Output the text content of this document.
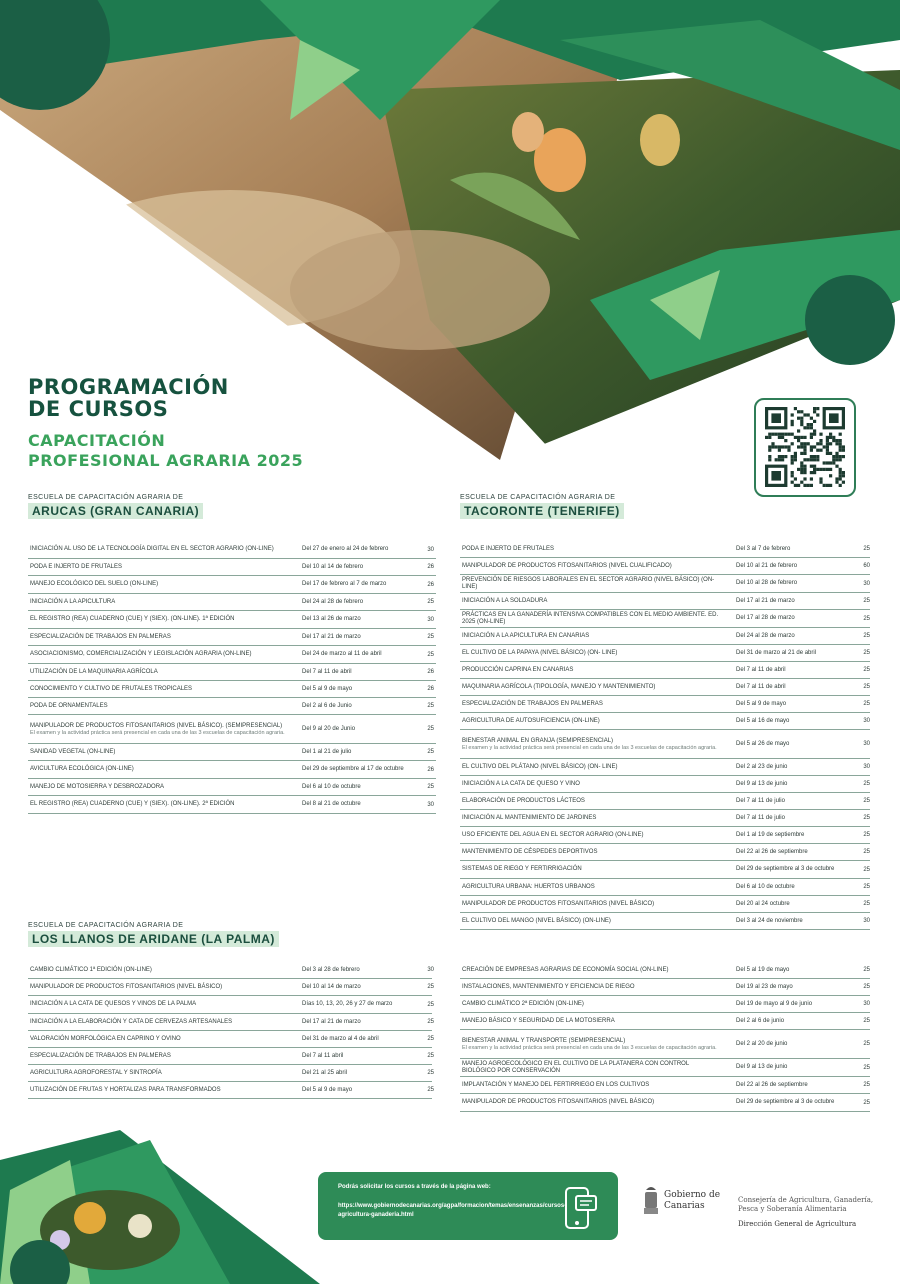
PROGRAMACIÓN
DE CURSOS
CAPACITACIÓN
PROFESIONAL AGRARIA 2025
ESCUELA DE CAPACITACIÓN AGRARIA DE
ARUCAS (GRAN CANARIA)
INICIACIÓN AL USO DE LA TECNOLOGÍA DIGITAL EN EL SECTOR AGRARIO (ON-LINE)	Del 27 de enero al 24 de febrero	30
PODA E INJERTO DE FRUTALES	Del 10 al 14 de febrero	26
MANEJO ECOLÓGICO DEL SUELO (ON-LINE)	Del 17 de febrero al 7 de marzo	26
INICIACIÓN A LA APICULTURA	Del 24 al 28 de febrero	25
EL REGISTRO (REA) CUADERNO (CUE) Y (SIEX). (ON-LINE). 1ª EDICIÓN	Del 13 al 26 de marzo	30
ESPECIALIZACIÓN DE TRABAJOS EN PALMERAS	Del 17 al 21 de marzo	25
ASOCIACIONISMO, COMERCIALIZACIÓN Y LEGISLACIÓN AGRARIA (ON-LINE)	Del 24 de marzo al 11 de abril	25
UTILIZACIÓN DE LA MAQUINARIA AGRÍCOLA	Del 7 al 11 de abril	26
CONOCIMIENTO Y CULTIVO DE FRUTALES TROPICALES	Del 5 al 9 de mayo	26
PODA DE ORNAMENTALES	Del 2 al 6 de Junio	25
MANIPULADOR DE PRODUCTOS FITOSANITARIOS (NIVEL BÁSICO). (SEMIPRESENCIAL)
El examen y la actividad práctica será presencial en cada una de las 3 escuelas de capacitación agraria.
Del 9 al 20 de Junio	25
SANIDAD VEGETAL (ON-LINE)	Del 1 al 21 de julio	25
AVICULTURA ECOLÓGICA (ON-LINE)	Del 29 de septiembre al 17 de octubre	26
MANEJO DE MOTOSIERRA Y DESBROZADORA	Del 6 al 10 de octubre	25
EL REGISTRO (REA) CUADERNO (CUE) Y (SIEX). (ON-LINE). 2ª EDICIÓN	Del 8 al 21 de octubre	30
ESCUELA DE CAPACITACIÓN AGRARIA DE
TACORONTE (TENERIFE)
PODA E INJERTO DE FRUTALES	Del 3 al 7 de febrero	25
MANIPULADOR DE PRODUCTOS FITOSANITARIOS (NIVEL CUALIFICADO)	Del 10 al 21 de febrero	60
PREVENCIÓN DE RIESGOS LABORALES EN EL SECTOR AGRARIO (NIVEL BÁSICO) (ON-LINE)
Del 10 al 28 de febrero	30
INICIACIÓN A LA SOLDADURA	Del 17 al 21 de marzo	25
PRÁCTICAS EN LA GANADERÍA INTENSIVA COMPATIBLES CON EL MEDIO AMBIENTE. ED. 2025 (ON-LINE)
Del 17 al 28 de marzo	25
INICIACIÓN A LA APICULTURA EN CANARIAS	Del 24 al 28 de marzo	25
EL CULTIVO DE LA PAPAYA (NIVEL BÁSICO) (ON- LINE)	Del 31 de marzo al 21 de abril	25
PRODUCCIÓN CAPRINA EN CANARIAS	Del 7 al 11 de abril	25
MAQUINARIA AGRÍCOLA (TIPOLOGÍA, MANEJO Y MANTENIMIENTO)	Del 7 al 11 de abril	25
ESPECIALIZACIÓN DE TRABAJOS EN PALMERAS	Del 5 al 9 de mayo	25
AGRICULTURA DE AUTOSUFICIENCIA (ON-LINE)	Del 5 al 16 de mayo	30
BIENESTAR ANIMAL EN GRANJA (SEMIPRESENCIAL)
El examen y la actividad práctica será presencial en cada una de las 3 escuelas de capacitación agraria.
Del 5 al 26 de mayo	30
EL CULTIVO DEL PLÁTANO (NIVEL BÁSICO) (ON- LINE)	Del 2 al 23 de junio	30
INICIACIÓN A LA CATA DE QUESO Y VINO	Del 9 al 13 de junio	25
ELABORACIÓN DE PRODUCTOS LÁCTEOS	Del 7 al 11 de julio	25
INICIACIÓN AL MANTENIMIENTO DE JARDINES	Del 7 al 11 de julio	25
USO EFICIENTE DEL AGUA EN EL SECTOR AGRARIO (ON-LINE)	Del 1 al 19 de septiembre	25
MANTENIMIENTO DE CÉSPEDES DEPORTIVOS	Del 22 al 26 de septiembre	25
SISTEMAS DE RIEGO Y FERTIRRIGACIÓN	Del 29 de septiembre al 3 de octubre	25
AGRICULTURA URBANA: HUERTOS URBANOS	Del 6 al 10 de octubre	25
MANIPULADOR DE PRODUCTOS FITOSANITARIOS (NIVEL BÁSICO)	Del 20 al 24 octubre	25
EL CULTIVO DEL MANGO (NIVEL BÁSICO) (ON-LINE)	Del 3 al 24 de noviembre	30
ESCUELA DE CAPACITACIÓN AGRARIA DE
LOS LLANOS DE ARIDANE (LA PALMA)
CAMBIO CLIMÁTICO 1ª EDICIÓN (ON-LINE)	Del 3 al 28 de febrero	30
MANIPULADOR DE PRODUCTOS FITOSANITARIOS (NIVEL BÁSICO)	Del 10 al 14 de marzo	25
INICIACIÓN A LA CATA DE QUESOS Y VINOS DE LA PALMA	Días 10, 13, 20, 26 y 27 de marzo	25
INICIACIÓN A LA ELABORACIÓN Y CATA DE CERVEZAS ARTESANALES	Del 17 al 21 de marzo	25
VALORACIÓN MORFOLÓGICA EN CAPRINO Y OVINO	Del 31 de marzo al 4 de abril	25
ESPECIALIZACIÓN DE TRABAJOS EN PALMERAS	Del 7 al 11 abril	25
AGRICULTURA AGROFORESTAL Y SINTROPÍA	Del 21 al 25 abril	25
UTILIZACIÓN DE FRUTAS Y HORTALIZAS PARA TRANSFORMADOS	Del 5 al 9 de mayo	25
CREACIÓN DE EMPRESAS AGRARIAS DE ECONOMÍA SOCIAL (ON-LINE)	Del 5 al 19 de mayo	25
INSTALACIONES, MANTENIMIENTO Y EFICIENCIA DE RIEGO	Del 19 al 23 de mayo	25
CAMBIO CLIMÁTICO 2ª EDICIÓN (ON-LINE)	Del 19 de mayo al 9 de junio	30
MANEJO BÁSICO Y SEGURIDAD DE LA MOTOSIERRA	Del 2 al 6 de junio	25
BIENESTAR ANIMAL Y TRANSPORTE (SEMIPRESENCIAL)
El examen y la actividad práctica será presencial en cada una de las 3 escuelas de capacitación agraria.
Del 2 al 20 de junio	25
MANEJO AGROECOLÓGICO EN EL CULTIVO DE LA PLATANERA CON CONTROL BIOLÓGICO POR CONSERVACIÓN
Del 9 al 13 de junio	25
IMPLANTACIÓN Y MANEJO DEL FERTIRRIEGO EN LOS CULTIVOS	Del 22 al 26 de septiembre	25
MANIPULADOR DE PRODUCTOS FITOSANITARIOS (NIVEL BÁSICO)	Del 29 de septiembre al 3 de octubre	25
Podrás solicitar los cursos a través de la página web:
https://www.gobiernodecanarias.org/agpa/formacion/temas/ensenanzas/cursos-agricultura-ganaderia.html
Gobierno de Canarias
Consejería de Agricultura, Ganadería, Pesca y Soberanía Alimentaria
Dirección General de Agricultura
